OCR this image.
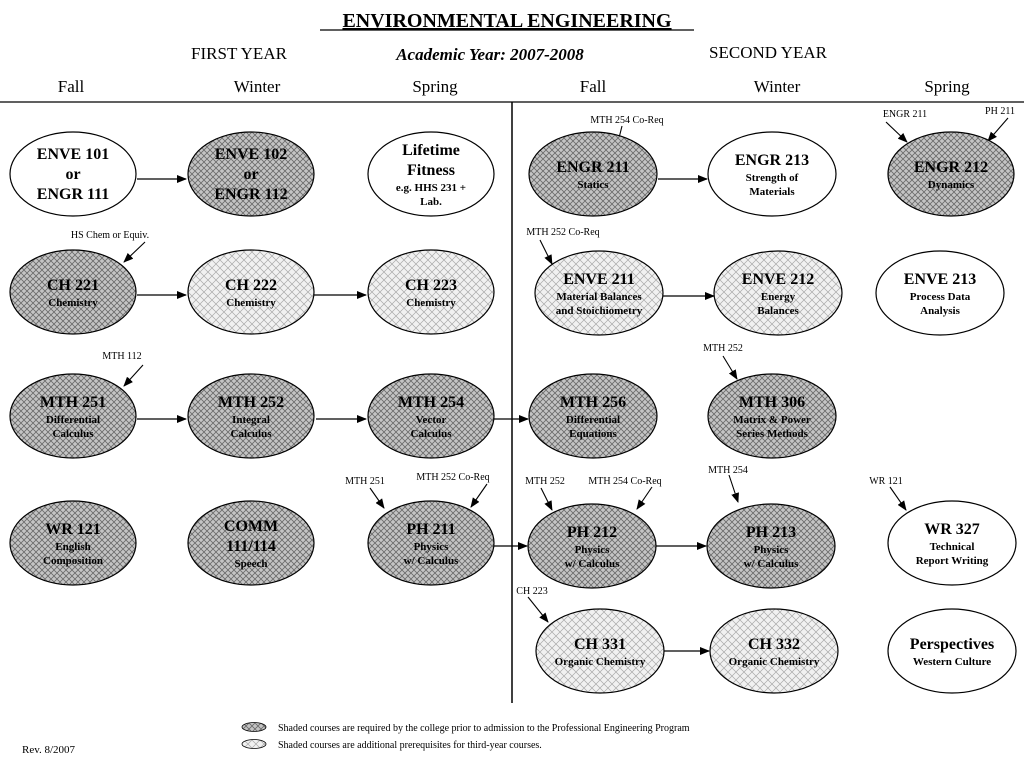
ENVIRONMENTAL ENGINEERING
FIRST YEAR	Academic Year: 2007-2008	SECOND YEAR
Fall	Winter	Spring	Fall	Winter	Spring
MTH 254 Co-Req
ENGR 211	PH 211
HS Chem or Equiv.	MTH 252 Co-Req
MTH 112
MTH 252
MTH 251	MTH 252 Co-Req	MTH 252 MTH 254 Co-Req
MTH 254
WR 121
CH 223
ENVE 101
or
ENGR 111
ENVE 102
or
ENGR 112
Lifetime
Fitness
e.g. HHS 231 +
Lab.
ENGR 211
Statics
ENGR 213
Strength of
Materials
ENGR 212
Dynamics
CH 221
Chemistry
CH 222
Chemistry
CH 223
Chemistry
ENVE 211
Material Balances
and Stoichiometry
ENVE 212
Energy
Balances
ENVE 213
Process Data
Analysis
MTH 251
Differential
Calculus
MTH 252
Integral
Calculus
MTH 254
Vector
Calculus
MTH 256
Differential
Equations
MTH 306
Matrix & Power
Series Methods
WR 121
English
Composition
COMM
111/114
Speech
PH 211
Physics
w/ Calculus
PH 212
Physics
w/ Calculus
PH 213
Physics
w/ Calculus
WR 327
Technical
Report Writing
CH 331
Organic Chemistry
CH 332
Organic Chemistry
Perspectives
Western Culture
Shaded courses are required by the college prior to admission to the Professional Engineering Program
Shaded courses are additional prerequisites for third-year courses.
Rev. 8/2007
